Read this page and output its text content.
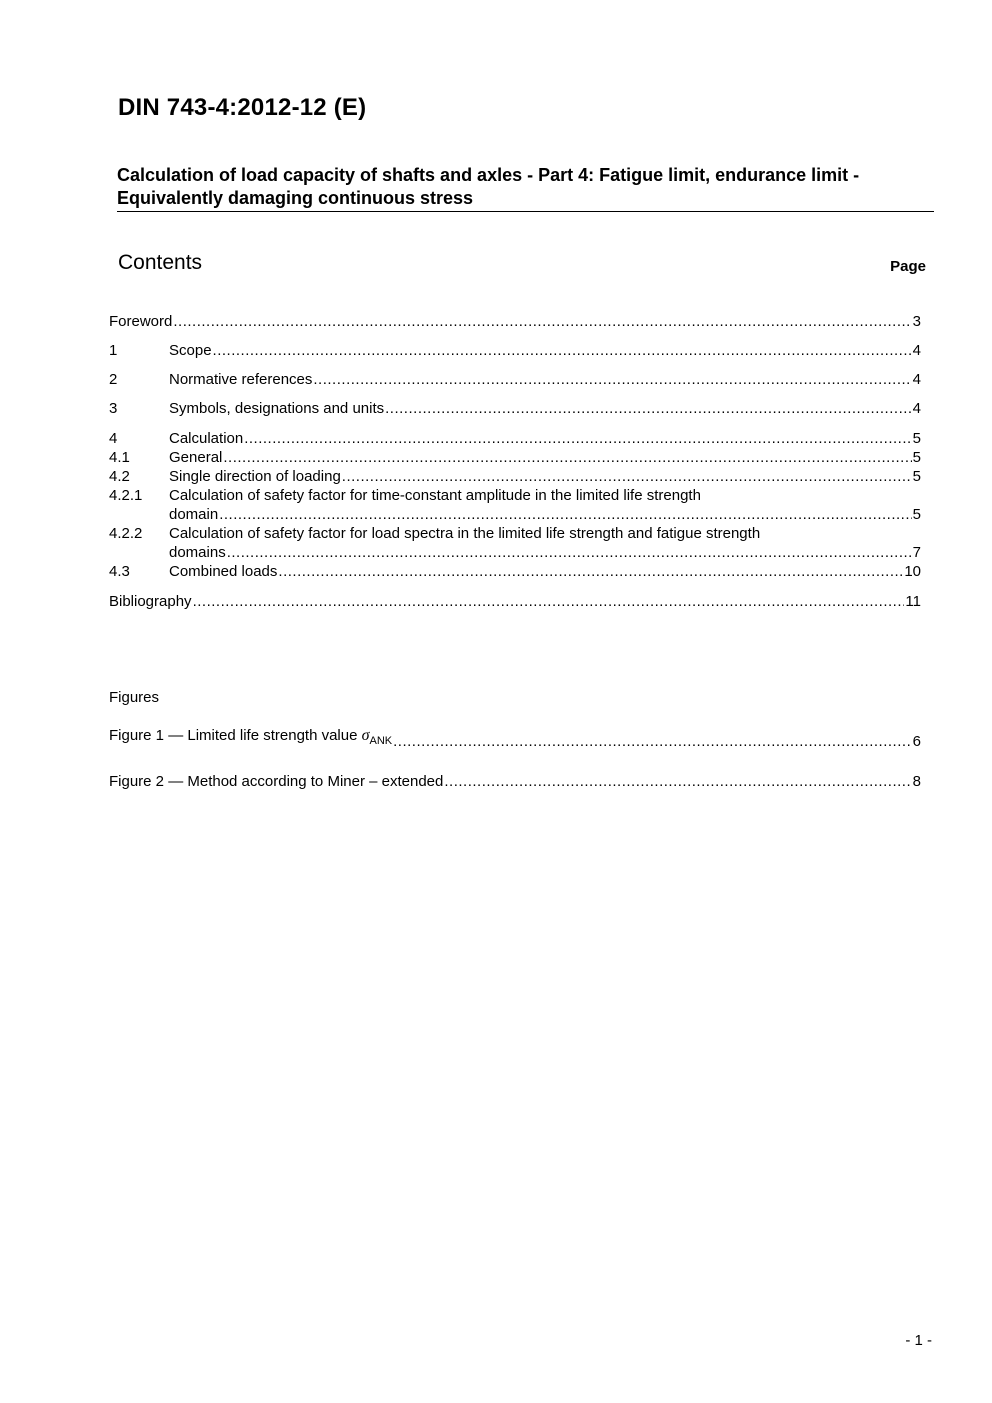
DIN 743-4:2012-12 (E)
Calculation of load capacity of shafts and axles - Part 4: Fatigue limit, endurance limit - Equivalently damaging continuous stress
Contents	Page
Foreword .....	3
1	Scope .....	4
2	Normative references .....	4
3	Symbols, designations and units .....	4
4	Calculation .....	5
4.1	General .....	5
4.2	Single direction of loading .....	5
4.2.1	Calculation of safety factor for time-constant amplitude in the limited life strength
domain .....	5
4.2.2	Calculation of safety factor for load spectra in the limited life strength and fatigue strength
domains .....	7
4.3	Combined loads .....	10
Bibliography .....	11
Figures
Figure 1 — Limited life strength value $\sigma_{ANK}$ .....	6
Figure 2 — Method according to Miner – extended .....	8
- 1 -
